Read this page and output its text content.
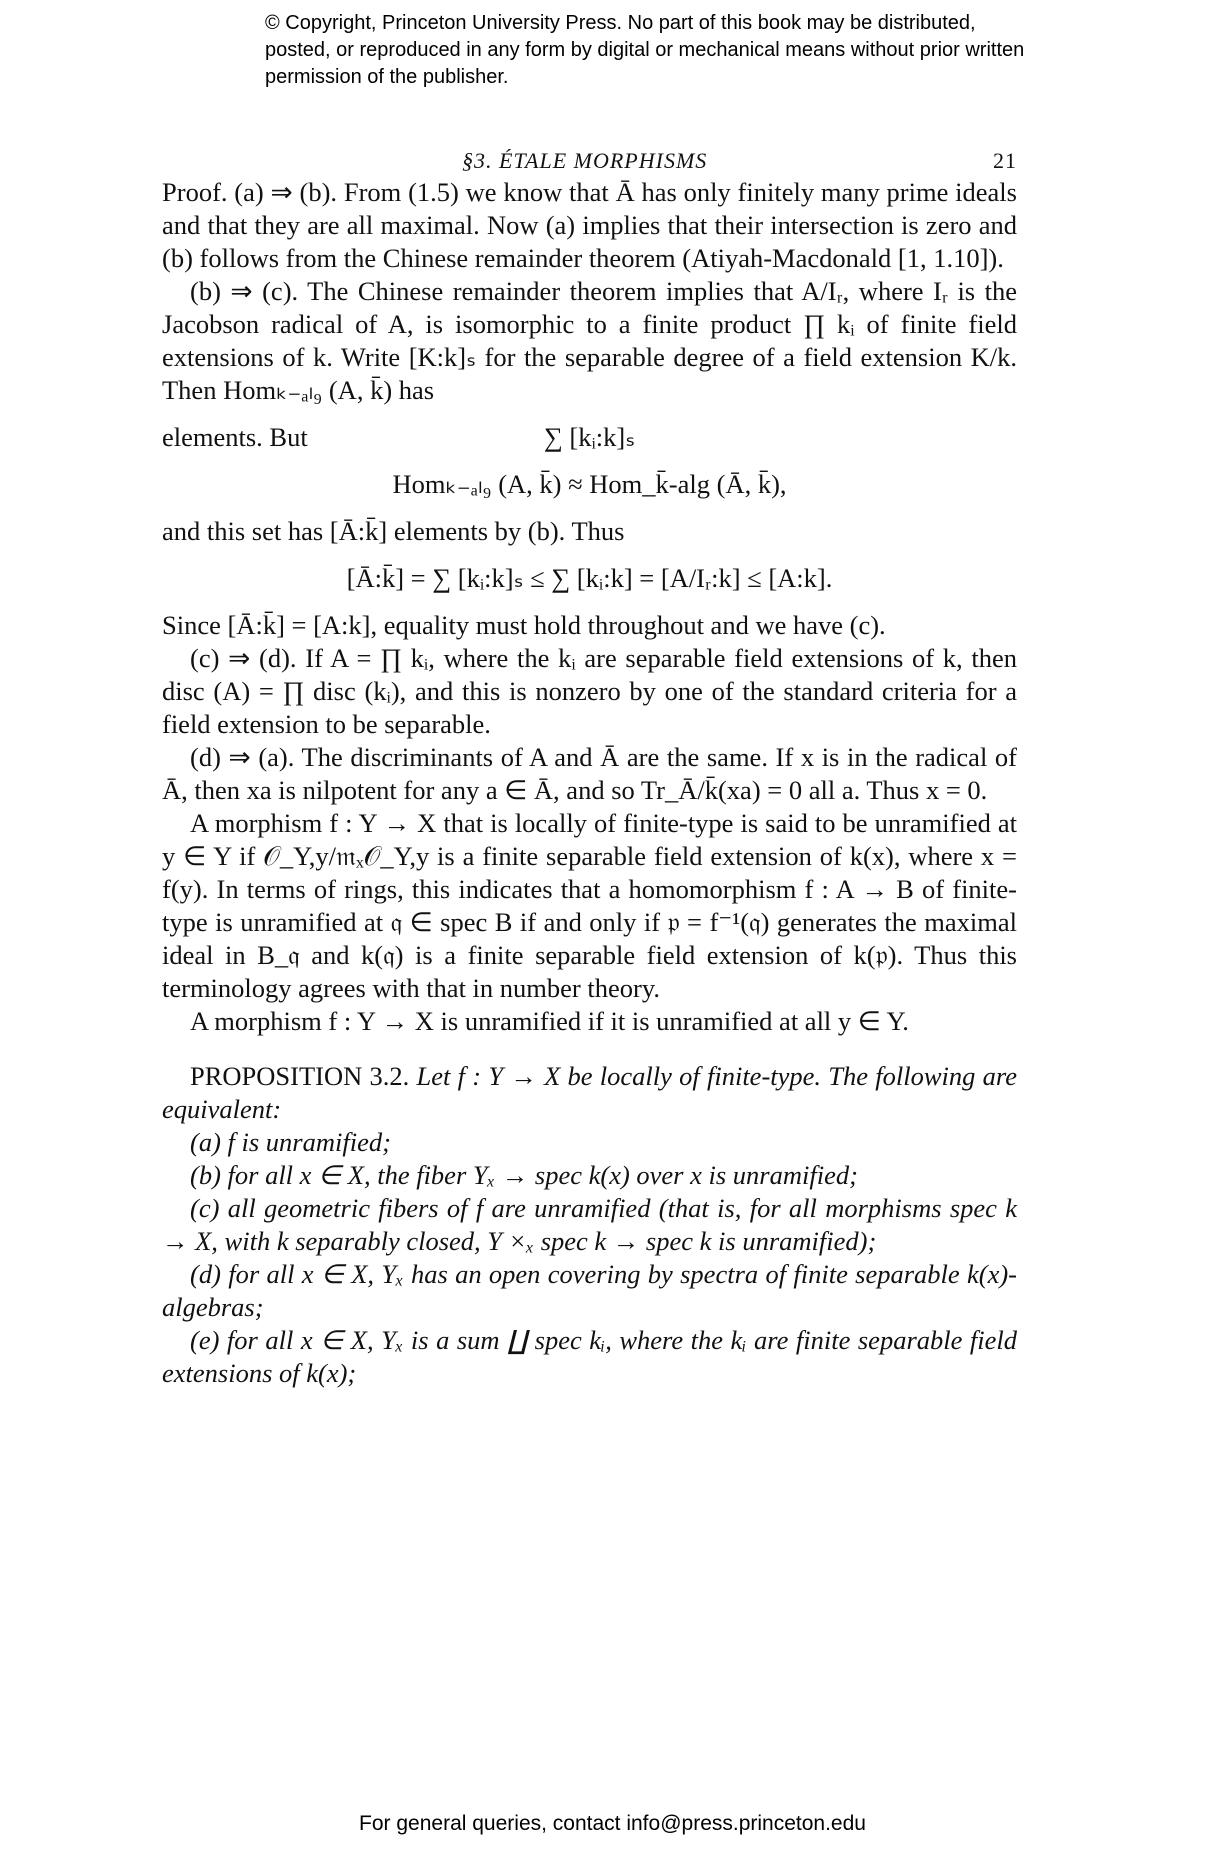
© Copyright, Princeton University Press. No part of this book may be distributed, posted, or reproduced in any form by digital or mechanical means without prior written permission of the publisher.
§3. ÉTALE MORPHISMS	21

Proof. (a) ⇒ (b). From (1.5) we know that Ā has only finitely many prime ideals and that they are all maximal. Now (a) implies that their intersection is zero and (b) follows from the Chinese remainder theorem (Atiyah-Macdonald [1, 1.10]).

(b) ⇒ (c). The Chinese remainder theorem implies that A/Iᵣ, where Iᵣ is the Jacobson radical of A, is isomorphic to a finite product ∏ kᵢ of finite field extensions of k. Write [K:k]ₛ for the separable degree of a field extension K/k. Then Homₖ₋ₐₗ₉ (A, k̄) has

∑ [kᵢ:k]ₛ

elements. But

Homₖ₋ₐₗ₉ (A, k̄) ≈ Hom_k̄-alg (Ā, k̄),

and this set has [Ā:k̄] elements by (b). Thus

[Ā:k̄] = ∑ [kᵢ:k]ₛ ≤ ∑ [kᵢ:k] = [A/Iᵣ:k] ≤ [A:k].

Since [Ā:k̄] = [A:k], equality must hold throughout and we have (c).

(c) ⇒ (d). If A = ∏ kᵢ, where the kᵢ are separable field extensions of k, then disc (A) = ∏ disc (kᵢ), and this is nonzero by one of the standard criteria for a field extension to be separable.

(d) ⇒ (a). The discriminants of A and Ā are the same. If x is in the radical of Ā, then xa is nilpotent for any a ∈ Ā, and so Tr_Ā/k̄(xa) = 0 all a. Thus x = 0.

A morphism f : Y → X that is locally of finite-type is said to be unramified at y ∈ Y if 𝒪_Y,y/𝔪ₓ𝒪_Y,y is a finite separable field extension of k(x), where x = f(y). In terms of rings, this indicates that a homomorphism f : A → B of finite-type is unramified at 𝔮 ∈ spec B if and only if 𝔭 = f⁻¹(𝔮) generates the maximal ideal in B_𝔮 and k(𝔮) is a finite separable field extension of k(𝔭). Thus this terminology agrees with that in number theory.

A morphism f : Y → X is unramified if it is unramified at all y ∈ Y.

PROPOSITION 3.2. Let f : Y → X be locally of finite-type. The following are equivalent:

(a) f is unramified;

(b) for all x ∈ X, the fiber Yₓ → spec k(x) over x is unramified;

(c) all geometric fibers of f are unramified (that is, for all morphisms spec k → X, with k separably closed, Y ×ₓ spec k → spec k is unramified);

(d) for all x ∈ X, Yₓ has an open covering by spectra of finite separable k(x)-algebras;

(e) for all x ∈ X, Yₓ is a sum ∐ spec kᵢ, where the kᵢ are finite separable field extensions of k(x);

For general queries, contact info@press.princeton.edu
